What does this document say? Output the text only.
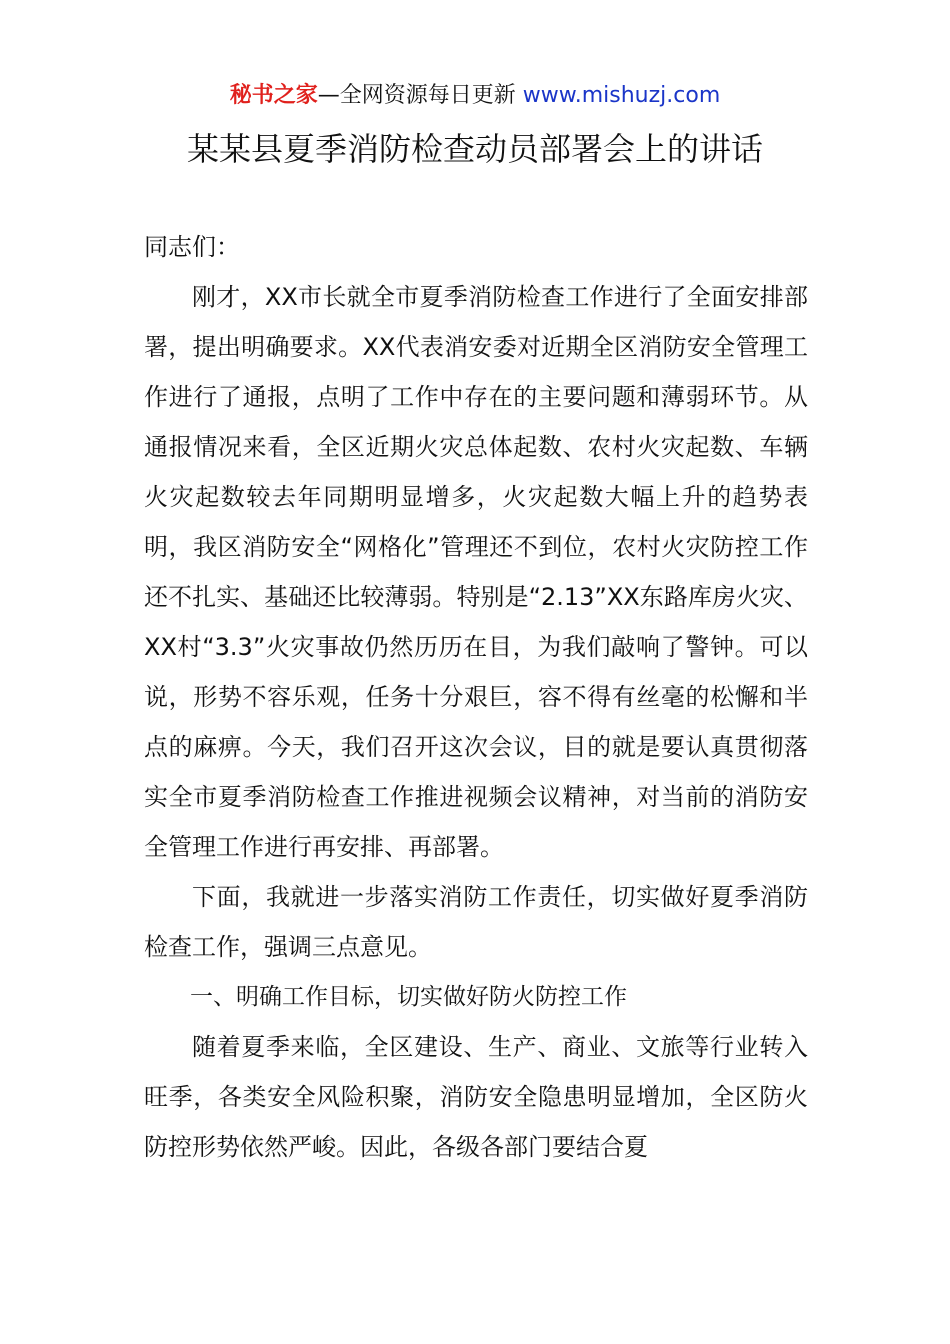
秘书之家—全网资源每日更新 www.mishuzj.com
某某县夏季消防检查动员部署会上的讲话

同志们：

刚才，XX市长就全市夏季消防检查工作进行了全面安排部署，提出明确要求。XX代表消安委对近期全区消防安全管理工作进行了通报，点明了工作中存在的主要问题和薄弱环节。从通报情况来看，全区近期火灾总体起数、农村火灾起数、车辆火灾起数较去年同期明显增多，火灾起数大幅上升的趋势表明，我区消防安全“网格化”管理还不到位，农村火灾防控工作还不扎实、基础还比较薄弱。特别是“2.13”XX东路库房火灾、XX村“3.3”火灾事故仍然历历在目，为我们敲响了警钟。可以说，形势不容乐观，任务十分艰巨，容不得有丝毫的松懈和半点的麻痹。今天，我们召开这次会议，目的就是要认真贯彻落实全市夏季消防检查工作推进视频会议精神，对当前的消防安全管理工作进行再安排、再部署。

下面，我就进一步落实消防工作责任，切实做好夏季消防检查工作，强调三点意见。

一、明确工作目标，切实做好防火防控工作

随着夏季来临，全区建设、生产、商业、文旅等行业转入旺季，各类安全风险积聚，消防安全隐患明显增加，全区防火防控形势依然严峻。因此，各级各部门要结合夏
